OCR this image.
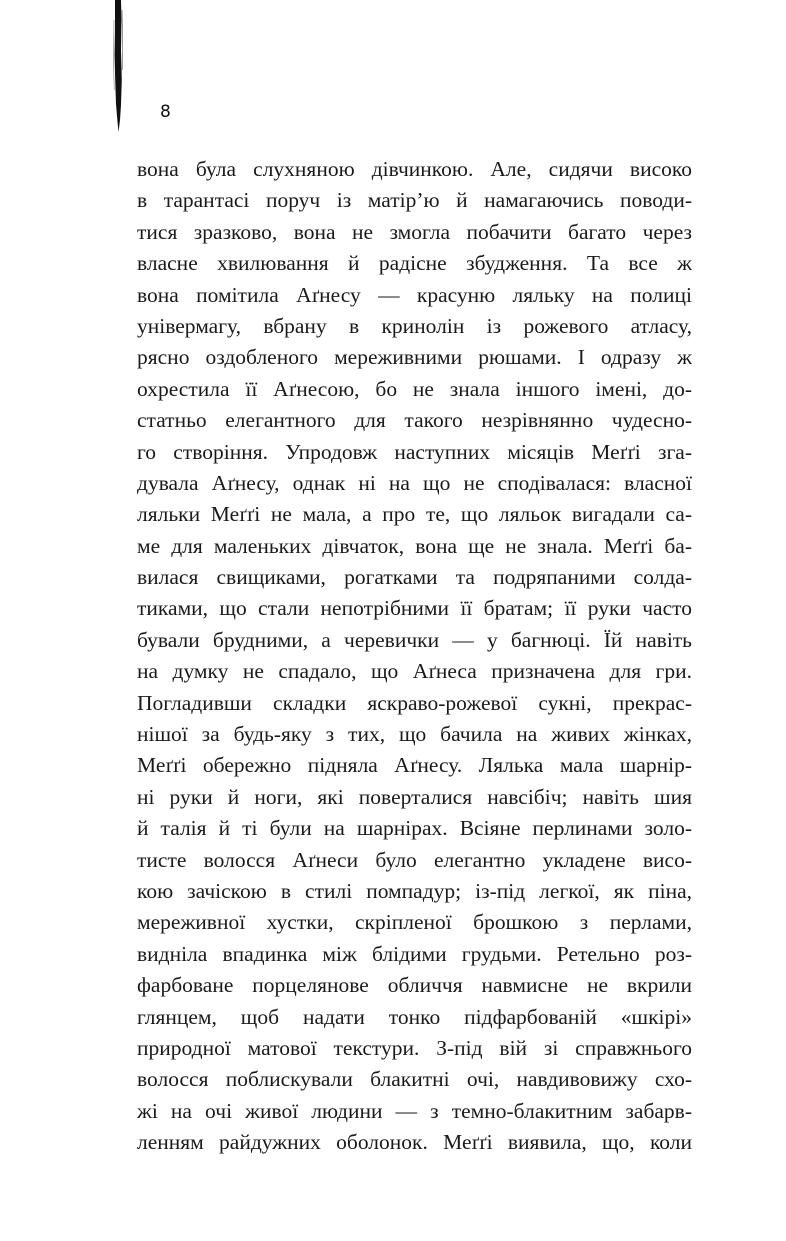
8
вона була слухняною дівчинкою. Але, сидячи високо
в тарантасі поруч із матір’ю й намагаючись поводи-
тися зразково, вона не змогла побачити багато через
власне хвилювання й радісне збудження. Та все ж
вона помітила Аґнесу — красуню ляльку на полиці
універмагу, вбрану в кринолін із рожевого атласу,
рясно оздобленого мереживними рюшами. І одразу ж
охрестила її Аґнесою, бо не знала іншого імені, до-
статньо елегантного для такого незрівнянно чудесно-
го створіння. Упродовж наступних місяців Меґґі зга-
дувала Аґнесу, однак ні на що не сподівалася: власної
ляльки Меґґі не мала, а про те, що ляльок вигадали са-
ме для маленьких дівчаток, вона ще не знала. Меґґі ба-
вилася свищиками, рогатками та подряпаними солда-
тиками, що стали непотрібними її братам; її руки часто
бували брудними, а черевички — у багнюці. Їй навіть
на думку не спадало, що Аґнеса призначена для гри.
Погладивши складки яскраво-рожевої сукні, прекрас-
нішої за будь-яку з тих, що бачила на живих жінках,
Меґґі обережно підняла Аґнесу. Лялька мала шарнір-
ні руки й ноги, які поверталися навсібіч; навіть шия
й талія й ті були на шарнірах. Всіяне перлинами золо-
тисте волосся Аґнеси було елегантно укладене висо-
кою зачіскою в стилі помпадур; із-під легкої, як піна,
мереживної хустки, скріпленої брошкою з перлами,
виднілa впадинка між блідими грудьми. Ретельно роз-
фарбоване порцелянове обличчя навмисне не вкрили
глянцем, щоб надати тонко підфарбованій «шкірі»
природної матової текстури. З-під вій зі справжнього
волосся поблискували блакитні очі, навдивовижу схо-
жі на очі живої людини — з темно-блакитним забарв-
ленням райдужних оболонок. Меґґі виявила, що, коли
